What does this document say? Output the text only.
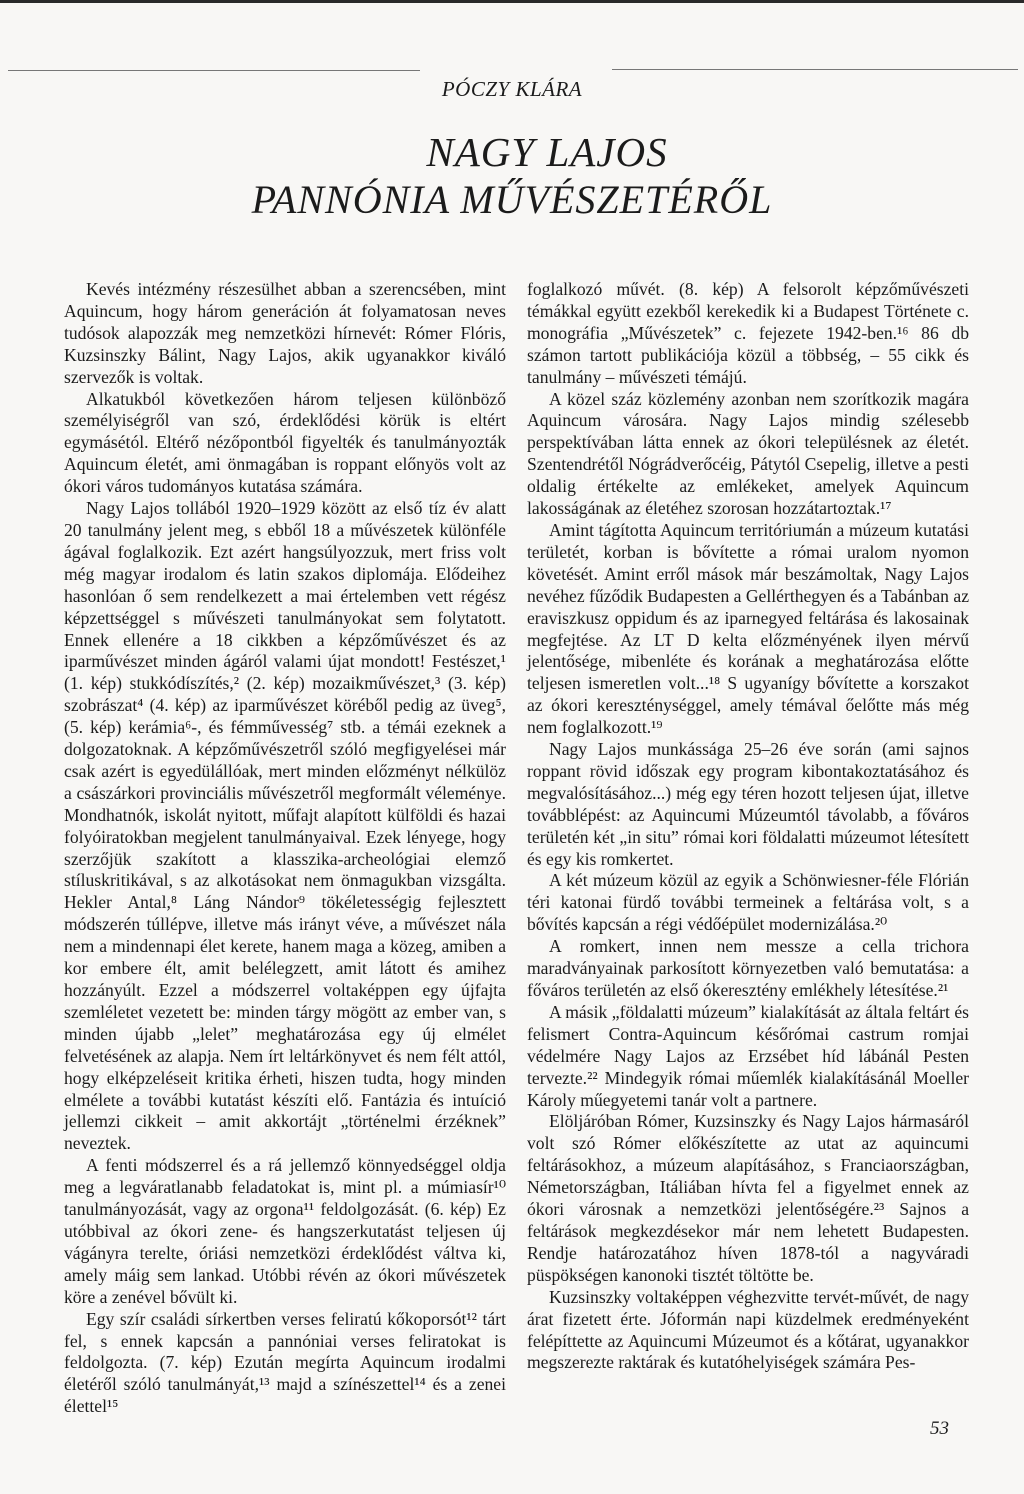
PÓCZY KLÁRA
NAGY LAJOS
PANNÓNIA MŰVÉSZETÉRŐL

Kevés intézmény részesülhet abban a szerencsében, mint Aquincum, hogy három generáción át folyamatosan neves tudósok alapozzák meg nemzetközi hírnevét: Rómer Flóris, Kuzsinszky Bálint, Nagy Lajos, akik ugyanakkor kiváló szervezők is voltak.

Alkatukból következően három teljesen különböző személyiségről van szó, érdeklődési körük is eltért egymásétól. Eltérő nézőpontból figyelték és tanulmányozták Aquincum életét, ami önmagában is roppant előnyös volt az ókori város tudományos kutatása számára.

Nagy Lajos tollából 1920–1929 között az első tíz év alatt 20 tanulmány jelent meg, s ebből 18 a művészetek különféle ágával foglalkozik. Ezt azért hangsúlyozzuk, mert friss volt még magyar irodalom és latin szakos diplomája. Elődeihez hasonlóan ő sem rendelkezett a mai értelemben vett régész képzettséggel s művészeti tanulmányokat sem folytatott. Ennek ellenére a 18 cikkben a képzőművészet és az iparművészet minden ágáról valami újat mondott! Festészet,¹ (1. kép) stukkódíszítés,² (2. kép) mozaikművészet,³ (3. kép) szobrászat⁴ (4. kép) az iparművészet köréből pedig az üveg⁵, (5. kép) kerámia⁶-, és fémművesség⁷ stb. a témái ezeknek a dolgozatoknak. A képzőművészetről szóló megfigyelései már csak azért is egyedülállóak, mert minden előzményt nélkülöz a császárkori provinciális művészetről megformált véleménye. Mondhatnók, iskolát nyitott, műfajt alapított külföldi és hazai folyóiratokban megjelent tanulmányaival. Ezek lényege, hogy szerzőjük szakított a klasszika-archeológiai elemző stíluskritikával, s az alkotásokat nem önmagukban vizsgálta. Hekler Antal,⁸ Láng Nándor⁹ tökéletességig fejlesztett módszerén túllépve, illetve más irányt véve, a művészet nála nem a mindennapi élet kerete, hanem maga a közeg, amiben a kor embere élt, amit belélegzett, amit látott és amihez hozzányúlt. Ezzel a módszerrel voltaképpen egy újfajta szemléletet vezetett be: minden tárgy mögött az ember van, s minden újabb „lelet” meghatározása egy új elmélet felvetésének az alapja. Nem írt leltárkönyvet és nem félt attól, hogy elképzeléseit kritika érheti, hiszen tudta, hogy minden elmélete a további kutatást készíti elő. Fantázia és intuíció jellemzi cikkeit – amit akkortájt „történelmi érzéknek” neveztek.

A fenti módszerrel és a rá jellemző könnyedséggel oldja meg a legváratlanabb feladatokat is, mint pl. a múmiasír¹⁰ tanulmányozását, vagy az orgona¹¹ feldolgozását. (6. kép) Ez utóbbival az ókori zene- és hangszerkutatást teljesen új vágányra terelte, óriási nemzetközi érdeklődést váltva ki, amely máig sem lankad. Utóbbi révén az ókori művészetek köre a zenével bővült ki.

Egy szír családi sírkertben verses feliratú kőkoporsót¹² tárt fel, s ennek kapcsán a pannóniai verses feliratokat is feldolgozta. (7. kép) Ezután megírta Aquincum irodalmi életéről szóló tanulmányát,¹³ majd a színészettel¹⁴ és a zenei élettel¹⁵

foglalkozó művét. (8. kép) A felsorolt képzőművészeti témákkal együtt ezekből kerekedik ki a Budapest Története c. monográfia „Művészetek” c. fejezete 1942-ben.¹⁶ 86 db számon tartott publikációja közül a többség, – 55 cikk és tanulmány – művészeti témájú.

A közel száz közlemény azonban nem szorítkozik magára Aquincum városára. Nagy Lajos mindig szélesebb perspektívában látta ennek az ókori településnek az életét. Szentendrétől Nógrádverőcéig, Pátytól Csepelig, illetve a pesti oldalig értékelte az emlékeket, amelyek Aquincum lakosságának az életéhez szorosan hozzátartoztak.¹⁷

Amint tágította Aquincum territóriumán a múzeum kutatási területét, korban is bővítette a római uralom nyomon követését. Amint erről mások már beszámoltak, Nagy Lajos nevéhez fűződik Budapesten a Gellérthegyen és a Tabánban az eraviszkusz oppidum és az iparnegyed feltárása és lakosainak megfejtése. Az LT D kelta előzményének ilyen mérvű jelentősége, mibenléte és korának a meghatározása előtte teljesen ismeretlen volt...¹⁸ S ugyanígy bővítette a korszakot az ókori kereszténységgel, amely témával őelőtte más még nem foglalkozott.¹⁹

Nagy Lajos munkássága 25–26 éve során (ami sajnos roppant rövid időszak egy program kibontakoztatásához és megvalósításához...) még egy téren hozott teljesen újat, illetve továbblépést: az Aquincumi Múzeumtól távolabb, a főváros területén két „in situ” római kori földalatti múzeumot létesített és egy kis romkertet.

A két múzeum közül az egyik a Schönwiesner-féle Flórián téri katonai fürdő további termeinek a feltárása volt, s a bővítés kapcsán a régi védőépület modernizálása.²⁰

A romkert, innen nem messze a cella trichora maradványainak parkosított környezetben való bemutatása: a főváros területén az első ókeresztény emlékhely létesítése.²¹

A másik „földalatti múzeum” kialakítását az általa feltárt és felismert Contra-Aquincum későrómai castrum romjai védelmére Nagy Lajos az Erzsébet híd lábánál Pesten tervezte.²² Mindegyik római műemlék kialakításánál Moeller Károly műegyetemi tanár volt a partnere.

Elöljáróban Rómer, Kuzsinszky és Nagy Lajos hármasáról volt szó Rómer előkészítette az utat az aquincumi feltárásokhoz, a múzeum alapításához, s Franciaországban, Németországban, Itáliában hívta fel a figyelmet ennek az ókori városnak a nemzetközi jelentőségére.²³ Sajnos a feltárások megkezdésekor már nem lehetett Budapesten. Rendje határozatához híven 1878-tól a nagyváradi püspökségen kanonoki tisztét töltötte be.

Kuzsinszky voltaképpen véghezvitte tervét-művét, de nagy árat fizetett érte. Jóformán napi küzdelmek eredményeként felépíttette az Aquincumi Múzeumot és a kőtárat, ugyanakkor megszerezte raktárak és kutatóhelyiségek számára Pes-

53
